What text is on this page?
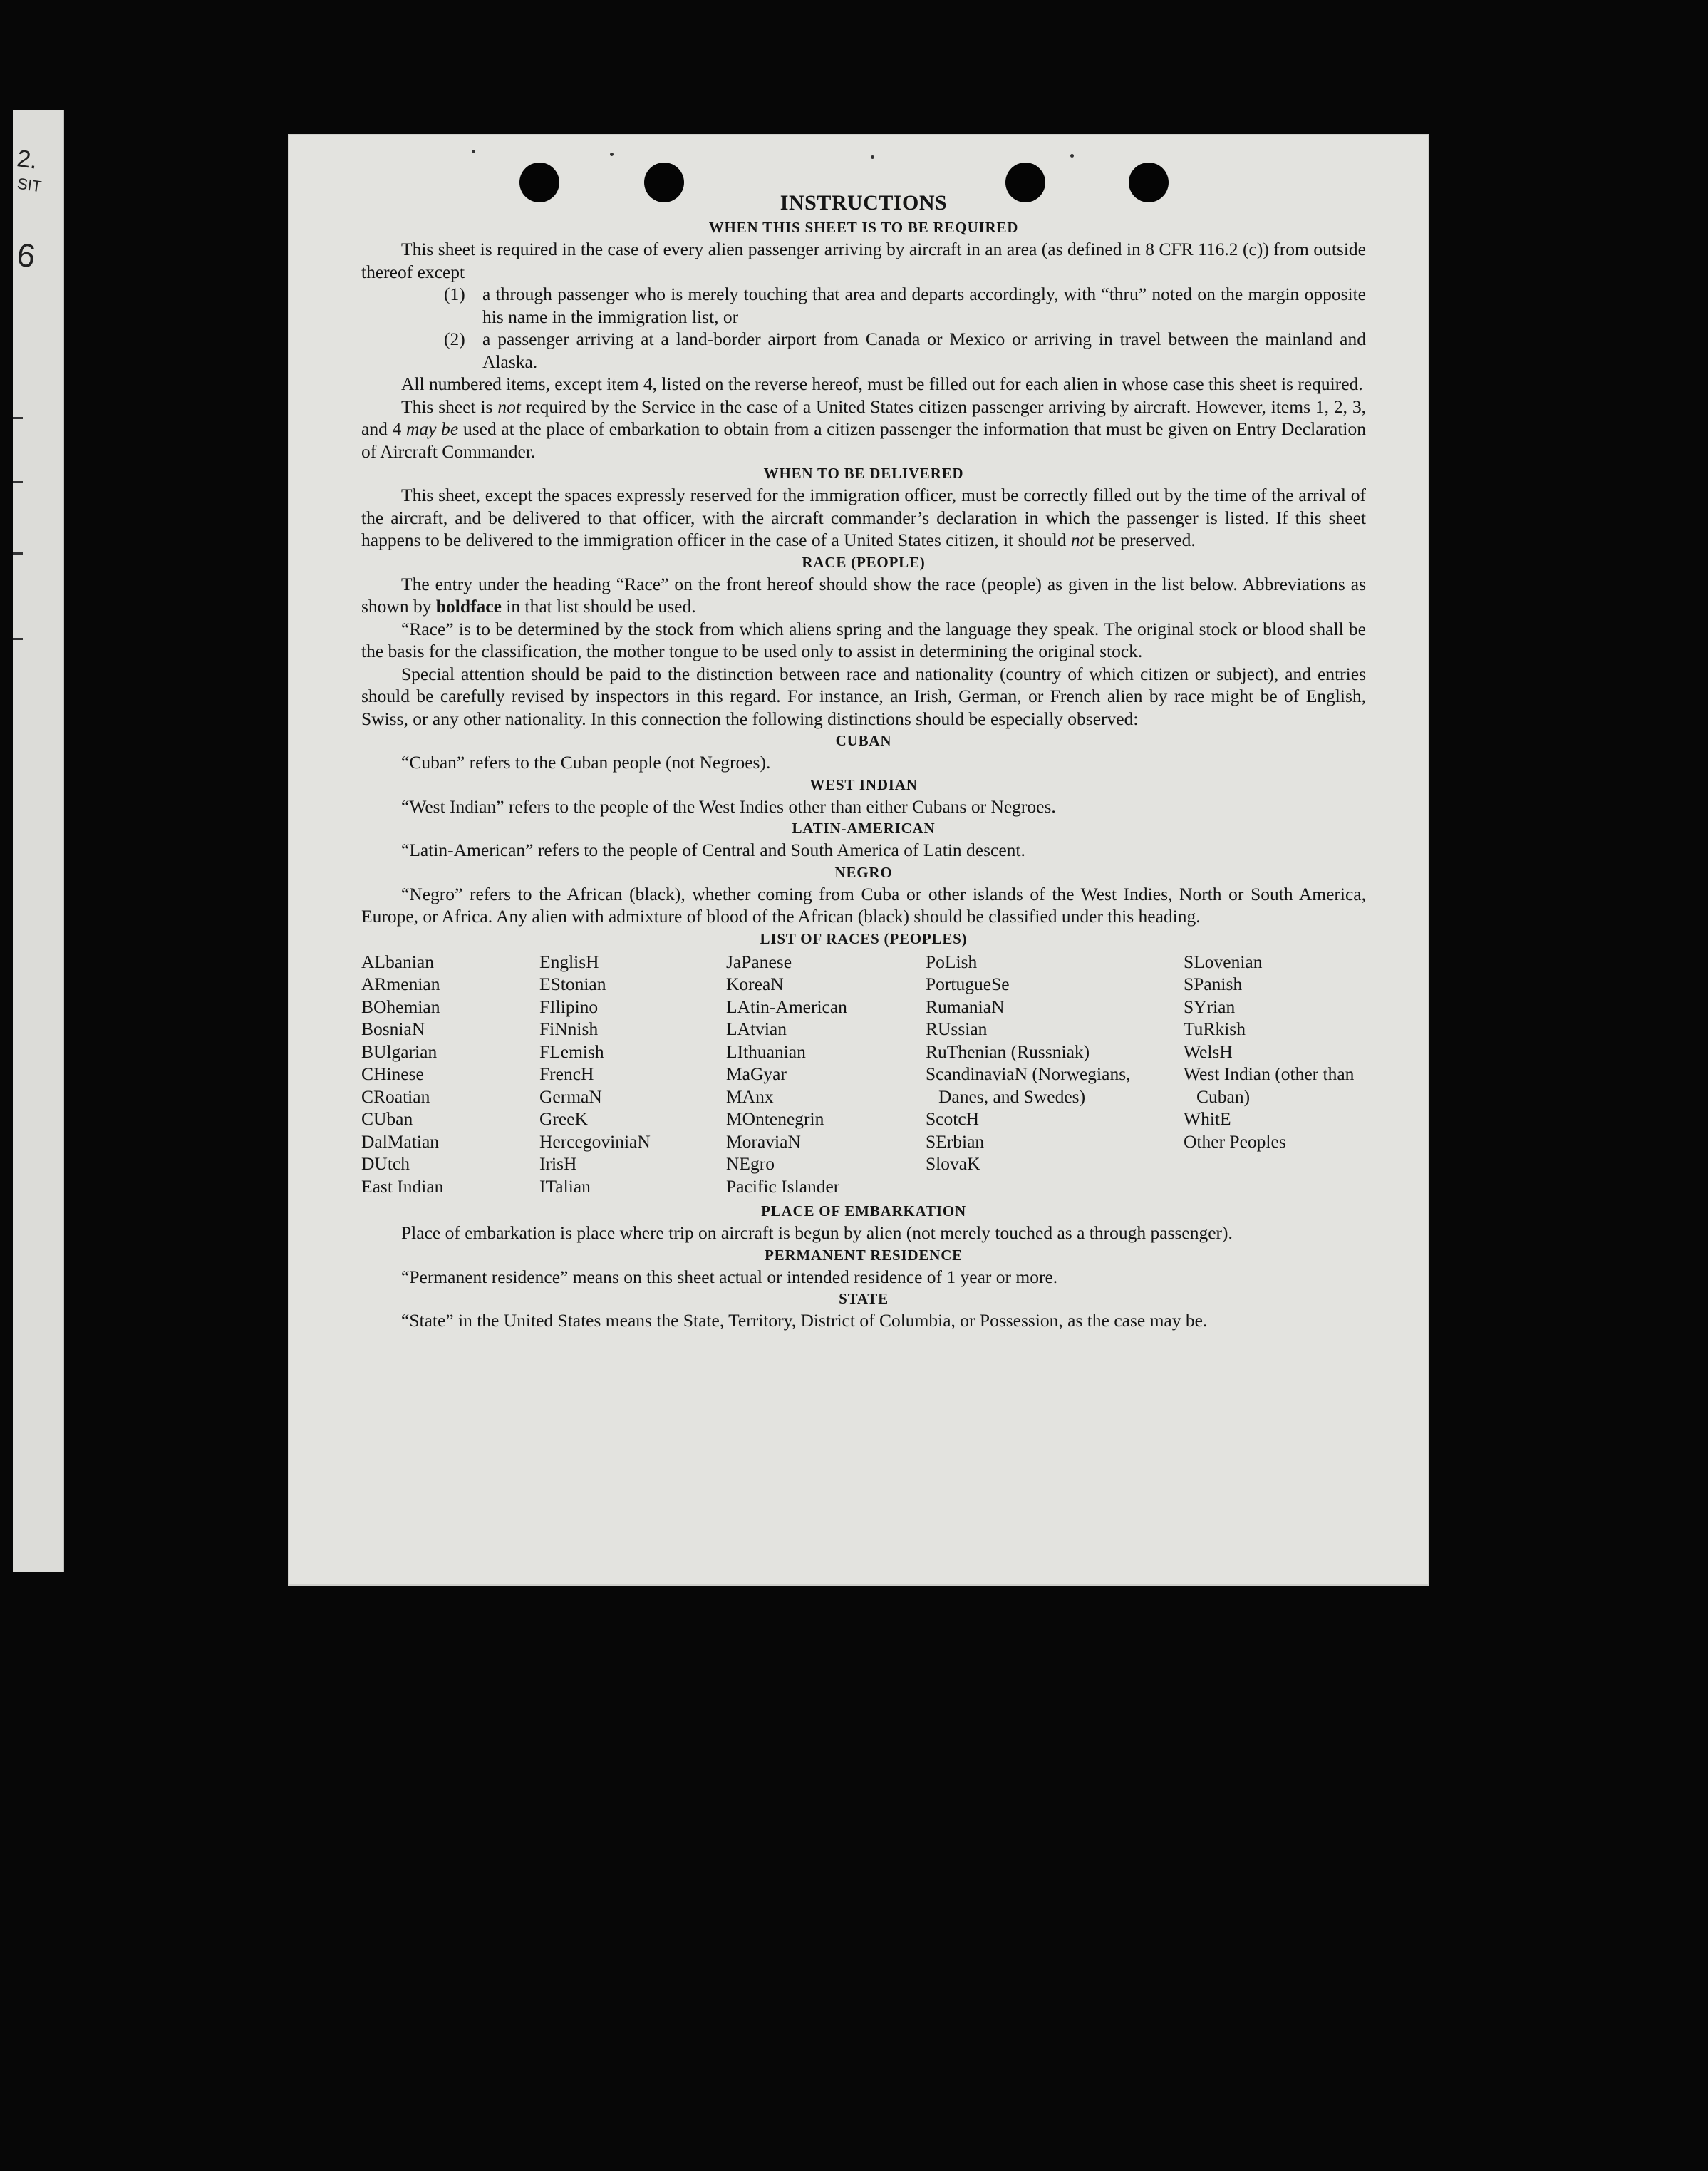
2.
SIT
6
INSTRUCTIONS
WHEN THIS SHEET IS TO BE REQUIRED

This sheet is required in the case of every alien passenger arriving by aircraft in an area (as defined in 8 CFR 116.2 (c)) from outside thereof except

(1) a through passenger who is merely touching that area and departs accordingly, with “thru” noted on the margin opposite his name in the immigration list, or
(2) a passenger arriving at a land-border airport from Canada or Mexico or arriving in travel between the mainland and Alaska.

All numbered items, except item 4, listed on the reverse hereof, must be filled out for each alien in whose case this sheet is required.

This sheet is not required by the Service in the case of a United States citizen passenger arriving by aircraft. However, items 1, 2, 3, and 4 may be used at the place of embarkation to obtain from a citizen passenger the information that must be given on Entry Declaration of Aircraft Commander.

WHEN TO BE DELIVERED

This sheet, except the spaces expressly reserved for the immigration officer, must be correctly filled out by the time of the arrival of the aircraft, and be delivered to that officer, with the aircraft commander’s declaration in which the passenger is listed. If this sheet happens to be delivered to the immigration officer in the case of a United States citizen, it should not be preserved.

RACE (PEOPLE)

The entry under the heading “Race” on the front hereof should show the race (people) as given in the list below. Abbreviations as shown by boldface in that list should be used.

“Race” is to be determined by the stock from which aliens spring and the language they speak. The original stock or blood shall be the basis for the classification, the mother tongue to be used only to assist in determining the original stock.

Special attention should be paid to the distinction between race and nationality (country of which citizen or subject), and entries should be carefully revised by inspectors in this regard. For instance, an Irish, German, or French alien by race might be of English, Swiss, or any other nationality. In this connection the following distinctions should be especially observed:

CUBAN

“Cuban” refers to the Cuban people (not Negroes).

WEST INDIAN

“West Indian” refers to the people of the West Indies other than either Cubans or Negroes.

LATIN-AMERICAN

“Latin-American” refers to the people of Central and South America of Latin descent.

NEGRO

“Negro” refers to the African (black), whether coming from Cuba or other islands of the West Indies, North or South America, Europe, or Africa. Any alien with admixture of blood of the African (black) should be classified under this heading.

LIST OF RACES (PEOPLES)
ALbanian
ARmenian
BOhemian
BosniaN
BUlgarian
CHinese
CRoatian
CUban
DalMatian
DUtch
East Indian
EnglisH
EStonian
FIlipino
FiNnish
FLemish
FrencH
GermaN
GreeK
HercegoviniaN
IrisH
ITalian
JaPanese
KoreaN
LAtin-American
LAtvian
LIthuanian
MaGyar
MAnx
MOntenegrin
MoraviaN
NEgro
Pacific Islander
PoLish
PortugueSe
RumaniaN
RUssian
RuThenian (Russniak)
ScandinaviaN (Norwegians, Danes, and Swedes)
ScotcH
SErbian
SlovaK
SLovenian
SPanish
SYrian
TuRkish
WelsH
West Indian (other than Cuban)
WhitE
Other Peoples
PLACE OF EMBARKATION

Place of embarkation is place where trip on aircraft is begun by alien (not merely touched as a through passenger).

PERMANENT RESIDENCE

“Permanent residence” means on this sheet actual or intended residence of 1 year or more.

STATE

“State” in the United States means the State, Territory, District of Columbia, or Possession, as the case may be.
